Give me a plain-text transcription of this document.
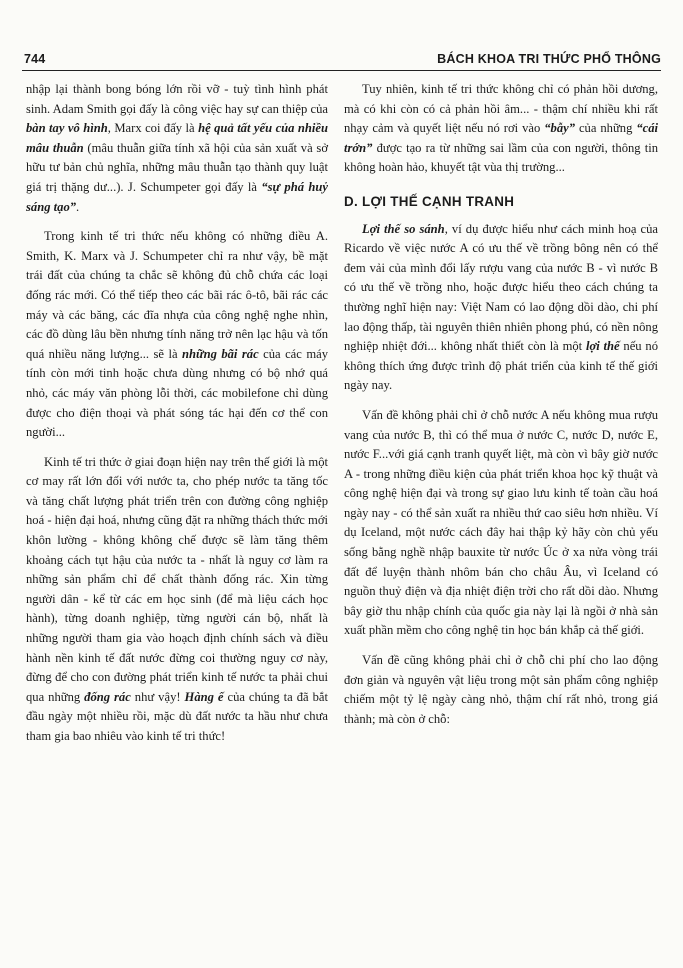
744	BÁCH KHOA TRI THỨC PHỔ THÔNG

nhập lại thành bong bóng lớn rồi vỡ - tuỳ tình hình phát sinh. Adam Smith gọi đấy là công việc hay sự can thiệp của bàn tay vô hình, Marx coi đấy là hệ quả tất yếu của nhiều mâu thuẫn (mâu thuẫn giữa tính xã hội của sản xuất và sở hữu tư bản chủ nghĩa, những mâu thuẫn tạo thành quy luật giá trị thặng dư...). J. Schumpeter gọi đấy là “sự phá huỷ sáng tạo”.

Trong kinh tế tri thức nếu không có những điều A. Smith, K. Marx và J. Schumpeter chỉ ra như vậy, bề mặt trái đất của chúng ta chắc sẽ không đủ chỗ chứa các loại đống rác mới. Có thể tiếp theo các bãi rác ô-tô, bãi rác các máy và các băng, các đĩa nhựa của công nghệ nghe nhìn, các đồ dùng lâu bền nhưng tính năng trở nên lạc hậu và tốn quá nhiều năng lượng... sẽ là những bãi rác của các máy tính còn mới tinh hoặc chưa dùng nhưng có bộ nhớ quá nhỏ, các máy văn phòng lỗi thời, các mobilefone chỉ dùng được cho điện thoại và phát sóng tác hại đến cơ thể con người...

Kinh tế tri thức ở giai đoạn hiện nay trên thế giới là một cơ may rất lớn đối với nước ta, cho phép nước ta tăng tốc và tăng chất lượng phát triển trên con đường công nghiệp hoá - hiện đại hoá, nhưng cũng đặt ra những thách thức mới khôn lường - không không chế được sẽ làm tăng thêm khoảng cách tụt hậu của nước ta - nhất là nguy cơ làm ra những sản phẩm chỉ để chất thành đống rác. Xin từng người dân - kể từ các em học sinh (để mà liệu cách học hành), từng doanh nghiệp, từng người cán bộ, nhất là những người tham gia vào hoạch định chính sách và điều hành nền kinh tế đất nước đừng coi thường nguy cơ này, đừng để cho con đường phát triển kinh tế nước ta phải chui qua những đống rác như vậy! Hàng ế của chúng ta đã bắt đầu ngày một nhiều rồi, mặc dù đất nước ta hầu như chưa tham gia bao nhiêu vào kinh tế tri thức!

Tuy nhiên, kinh tế tri thức không chỉ có phản hồi dương, mà có khi còn có cả phản hồi âm... - thậm chí nhiều khi rất nhạy cảm và quyết liệt nếu nó rơi vào “bẫy” của những “cái trớn” được tạo ra từ những sai lầm của con người, thông tin không hoàn hảo, khuyết tật vùa thị trường...

D. LỢI THẾ CẠNH TRANH

Lợi thế so sánh, ví dụ được hiểu như cách minh hoạ của Ricardo về việc nước A có ưu thế về trồng bông nên có thể đem vải của mình đổi lấy rượu vang của nước B - vì nước B có ưu thế về trồng nho, hoặc được hiểu theo cách chúng ta thường nghĩ hiện nay: Việt Nam có lao động dồi dào, chi phí lao động thấp, tài nguyên thiên nhiên phong phú, có nền nông nghiệp nhiệt đới... không nhất thiết còn là một lợi thế nếu nó không thích ứng được trình độ phát triển của kinh tế thế giới ngày nay.

Vấn đề không phải chỉ ở chỗ nước A nếu không mua rượu vang của nước B, thì có thể mua ở nước C, nước D, nước E, nước F...với giá cạnh tranh quyết liệt, mà còn vì bây giờ nước A - trong những điều kiện của phát triển khoa học kỹ thuật và công nghệ hiện đại và trong sự giao lưu kinh tế toàn cầu hoá ngày nay - có thể sản xuất ra nhiều thứ cao siêu hơn nhiều. Ví dụ Iceland, một nước cách đây hai thập kỷ hãy còn chủ yếu sống bằng nghề nhập bauxite từ nước Úc ở xa nửa vòng trái đất để luyện thành nhôm bán cho châu Âu, vì Iceland có nguồn thuỷ điện và địa nhiệt điện trời cho rất dồi dào. Nhưng bây giờ thu nhập chính của quốc gia này lại là ngồi ở nhà sản xuất phần mềm cho công nghệ tin học bán khắp cả thế giới.

Vấn đề cũng không phải chỉ ở chỗ chi phí cho lao động đơn giản và nguyên vật liệu trong một sản phẩm công nghiệp chiếm một tỷ lệ ngày càng nhỏ, thậm chí rất nhỏ, trong giá thành; mà còn ở chỗ:
